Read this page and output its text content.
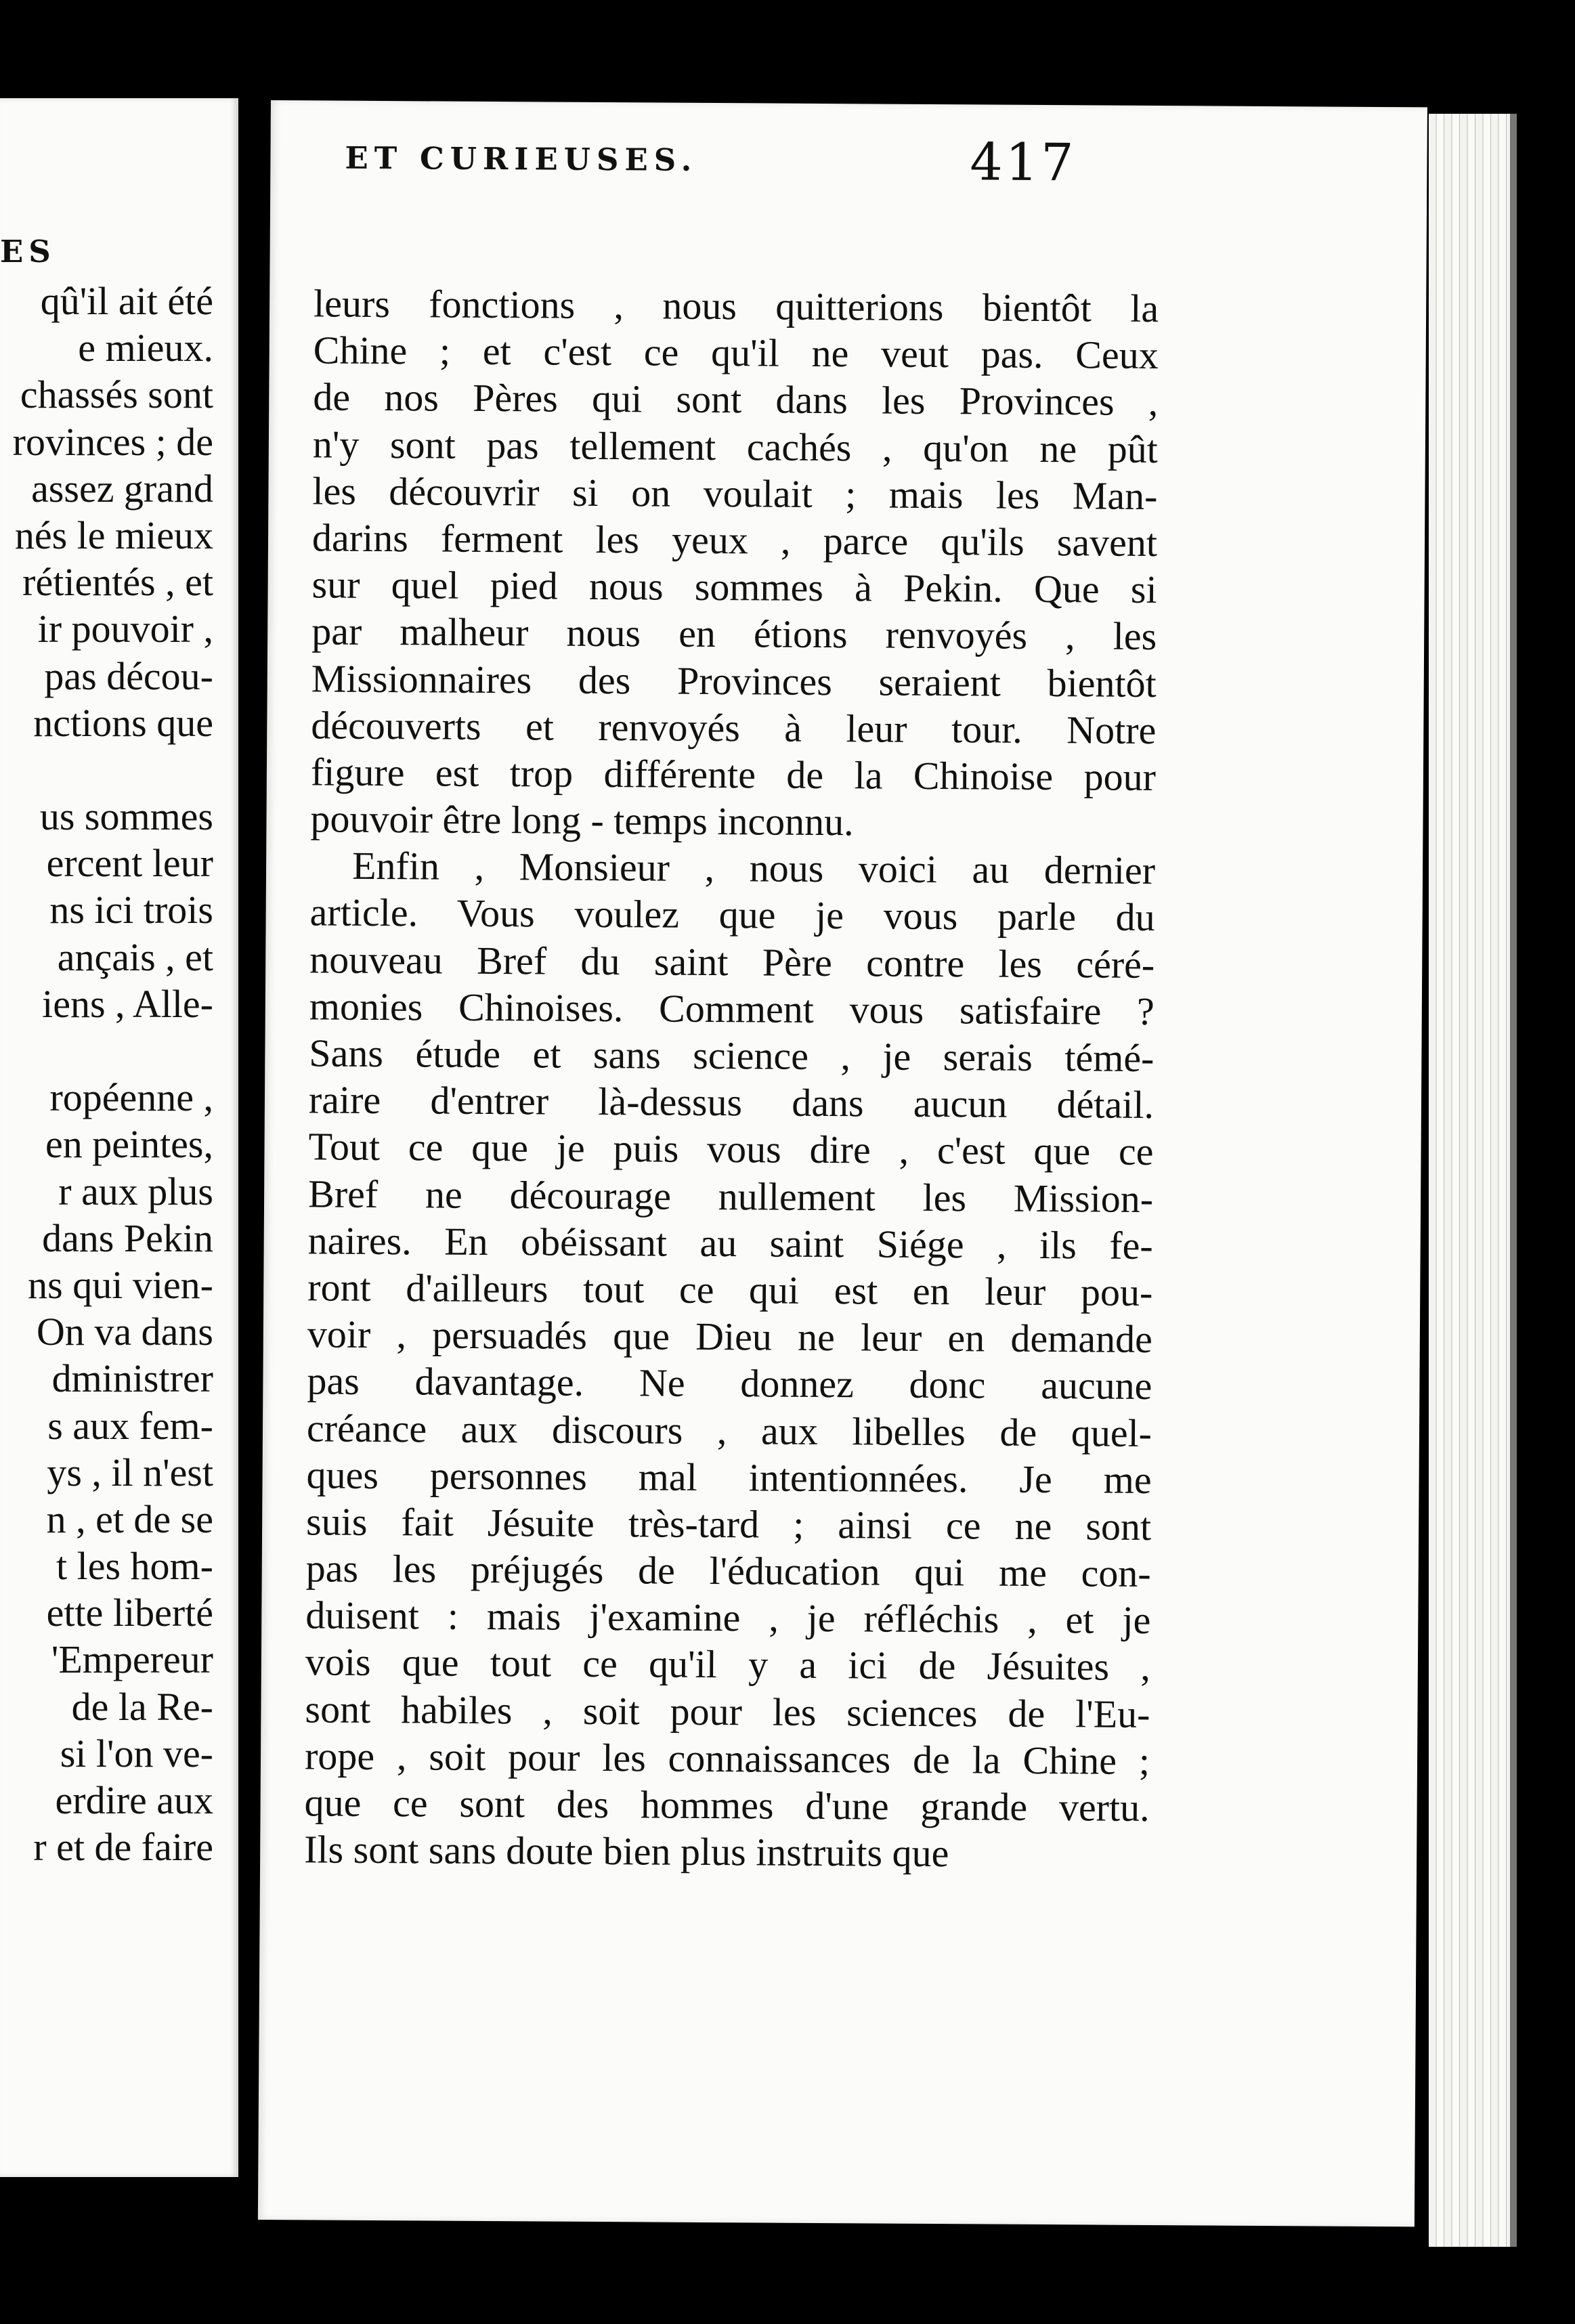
ES
qû'il ait été
e mieux.
chassés sont
rovinces ; de
assez grand
nés le mieux
rétientés , et
ir pouvoir ,
pas décou-
nctions que
us sommes
ercent leur
ns ici trois
ançais , et
iens , Alle-
ropéenne ,
en peintes,
r aux plus
dans Pekin
ns qui vien-
On va dans
dministrer
s aux fem-
ys , il n'est
n , et de se
t les hom-
ette liberté
'Empereur
de la Re-
si l'on ve-
erdire aux
r et de faire
ET CURIEUSES.	417
leurs fonctions , nous quitterions bientôt la
Chine ; et c'est ce qu'il ne veut pas. Ceux
de nos Pères qui sont dans les Provinces ,
n'y sont pas tellement cachés , qu'on ne pût
les découvrir si on voulait ; mais les Man-
darins ferment les yeux , parce qu'ils savent
sur quel pied nous sommes à Pekin. Que si
par malheur nous en étions renvoyés , les
Missionnaires des Provinces seraient bientôt
découverts et renvoyés à leur tour. Notre
figure est trop différente de la Chinoise pour
pouvoir être long - temps inconnu.
Enfin , Monsieur , nous voici au dernier
article. Vous voulez que je vous parle du
nouveau Bref du saint Père contre les céré-
monies Chinoises. Comment vous satisfaire ?
Sans étude et sans science , je serais témé-
raire d'entrer là-dessus dans aucun détail.
Tout ce que je puis vous dire , c'est que ce
Bref ne décourage nullement les Mission-
naires. En obéissant au saint Siége , ils fe-
ront d'ailleurs tout ce qui est en leur pou-
voir , persuadés que Dieu ne leur en demande
pas davantage. Ne donnez donc aucune
créance aux discours , aux libelles de quel-
ques personnes mal intentionnées. Je me
suis fait Jésuite très-tard ; ainsi ce ne sont
pas les préjugés de l'éducation qui me con-
duisent : mais j'examine , je réfléchis , et je
vois que tout ce qu'il y a ici de Jésuites ,
sont habiles , soit pour les sciences de l'Eu-
rope , soit pour les connaissances de la Chine ;
que ce sont des hommes d'une grande vertu.
Ils sont sans doute bien plus instruits que
